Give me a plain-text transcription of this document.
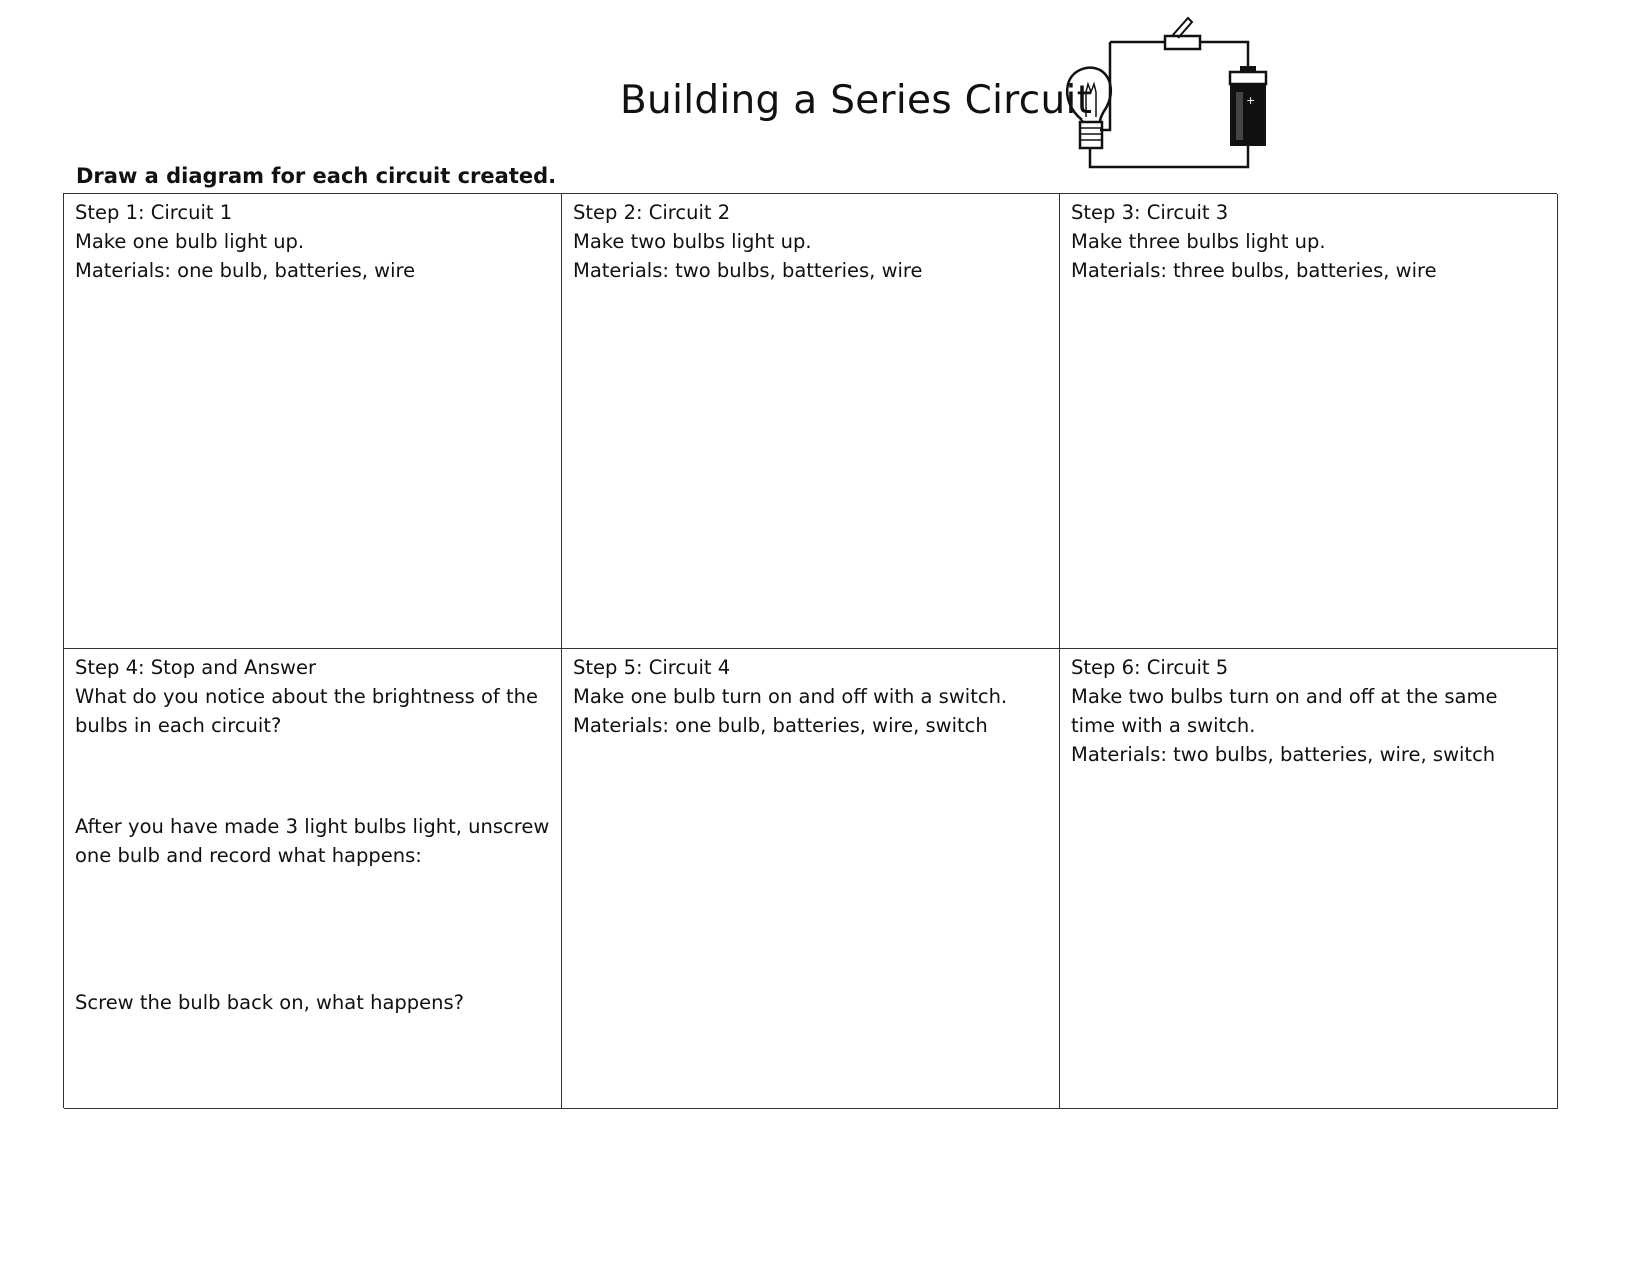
Building a Series Circuit	+
Draw a diagram for each circuit created.
Step 1: Circuit 1
Make one bulb light up.
Materials: one bulb, batteries, wire
Step 2: Circuit 2
Make two bulbs light up.
Materials: two bulbs, batteries, wire
Step 3: Circuit 3
Make three bulbs light up.
Materials: three bulbs, batteries, wire
Step 4: Stop and Answer
What do you notice about the brightness of the bulbs in each circuit?
After you have made 3 light bulbs light, unscrew one bulb and record what happens:
Screw the bulb back on, what happens?
Step 5: Circuit 4
Make one bulb turn on and off with a switch.
Materials: one bulb, batteries, wire, switch
Step 6: Circuit 5
Make two bulbs turn on and off at the same time with a switch.
Materials: two bulbs, batteries, wire, switch
